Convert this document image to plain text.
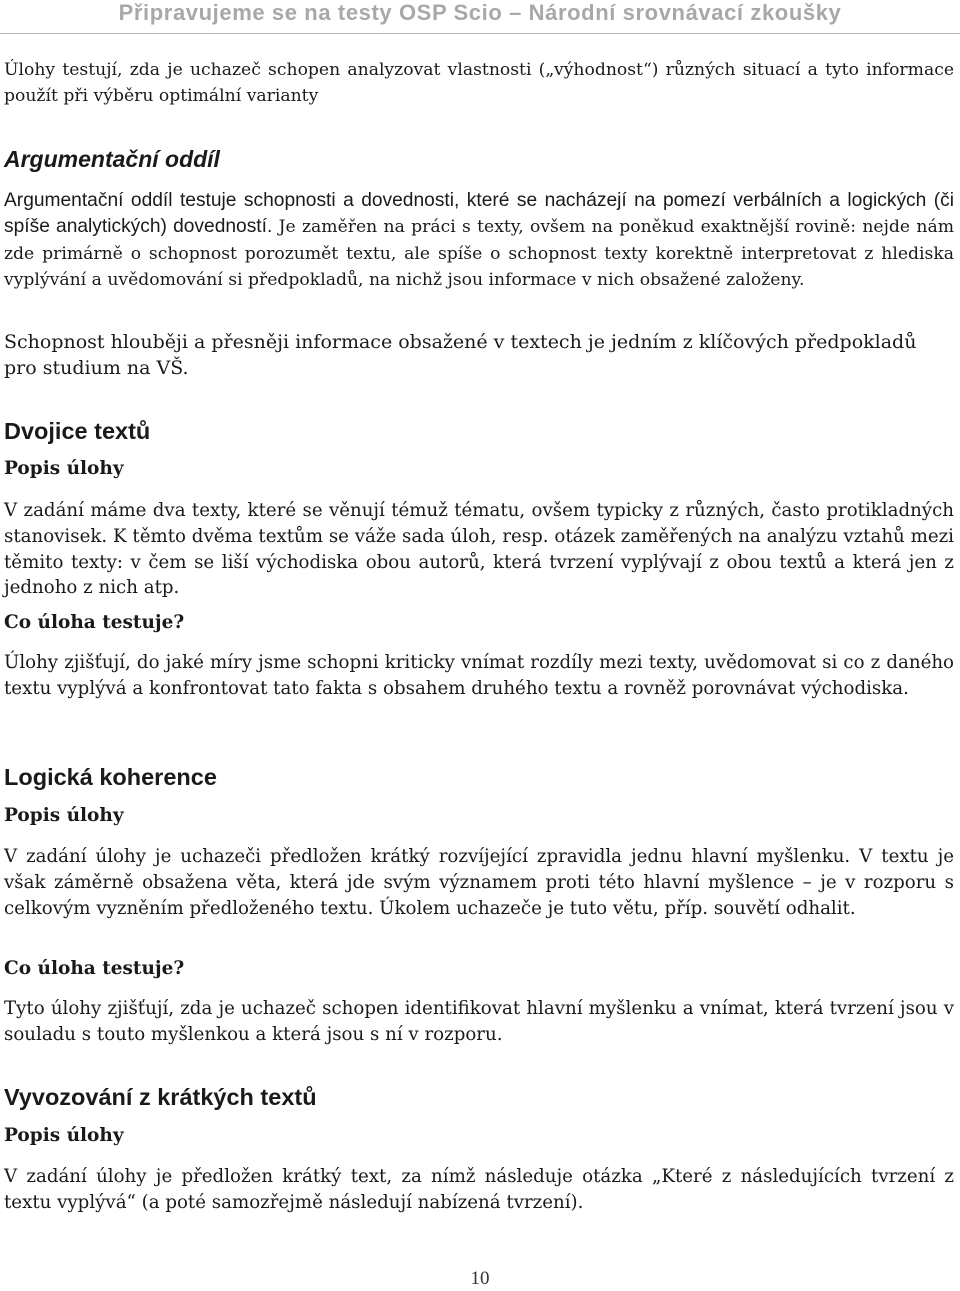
Připravujeme se na testy OSP Scio – Národní srovnávací zkoušky

Úlohy testují, zda je uchazeč schopen analyzovat vlastnosti („výhodnost“) různých situací a tyto informace použít při výběru optimální varianty

Argumentační oddíl

Argumentační oddíl testuje schopnosti a dovednosti, které se nacházejí na pomezí verbálních a logických (či spíše analytických) dovedností. Je zaměřen na práci s texty, ovšem na poněkud exaktnější rovině: nejde nám zde primárně o schopnost porozumět textu, ale spíše o schopnost texty korektně interpretovat z hlediska vyplývání a uvědomování si předpokladů, na nichž jsou informace v nich obsažené založeny.

Schopnost hlouběji a přesněji informace obsažené v textech je jedním z klíčových předpokladů pro studium na VŠ.

Dvojice textů
Popis úlohy

V zadání máme dva texty, které se věnují témuž tématu, ovšem typicky z různých, často protikladných stanovisek. K těmto dvěma textům se váže sada úloh, resp. otázek zaměřených na analýzu vztahů mezi těmito texty: v čem se liší východiska obou autorů, která tvrzení vyplývají z obou textů a která jen z jednoho z nich atp.

Co úloha testuje?

Úlohy zjišťují, do jaké míry jsme schopni kriticky vnímat rozdíly mezi texty, uvědomovat si co z daného textu vyplývá a konfrontovat tato fakta s obsahem druhého textu a rovněž porovnávat východiska.

Logická koherence
Popis úlohy

V zadání úlohy je uchazeči předložen krátký rozvíjející zpravidla jednu hlavní myšlenku. V textu je však záměrně obsažena věta, která jde svým významem proti této hlavní myšlence – je v rozporu s celkovým vyzněním předloženého textu. Úkolem uchazeče je tuto větu, příp. souvětí odhalit.

Co úloha testuje?

Tyto úlohy zjišťují, zda je uchazeč schopen identifikovat hlavní myšlenku a vnímat, která tvrzení jsou v souladu s touto myšlenkou a která jsou s ní v rozporu.

Vyvozování z krátkých textů
Popis úlohy

V zadání úlohy je předložen krátký text, za nímž následuje otázka „Které z následujících tvrzení z textu vyplývá“ (a poté samozřejmě následují nabízená tvrzení).

10
